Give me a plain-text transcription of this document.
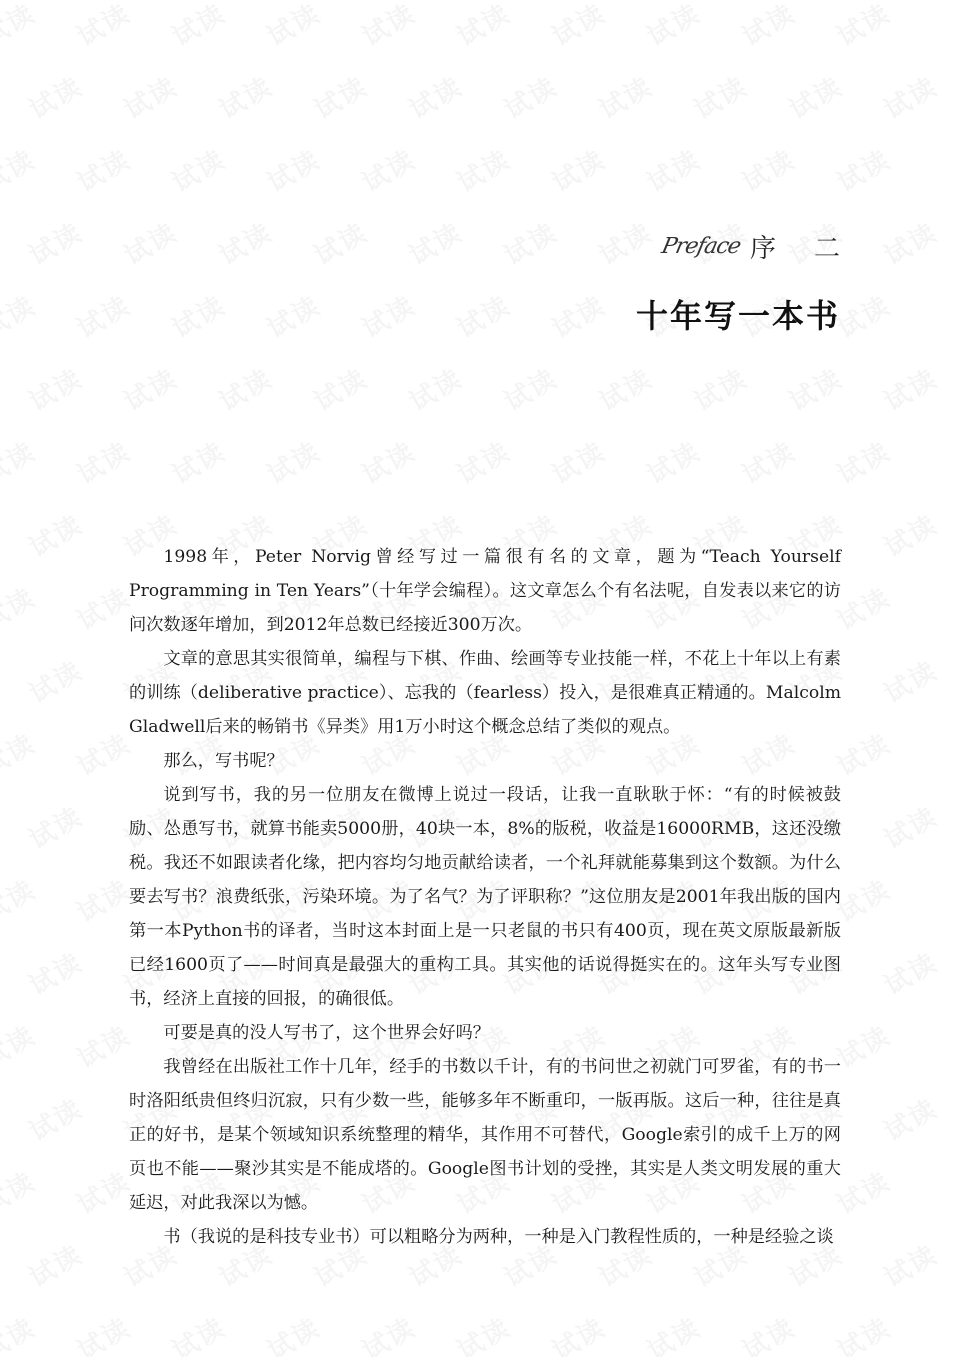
Preface 序二
十年写一本书

1998年，Peter Norvig曾经写过一篇很有名的文章，题为“Teach Yourself Programming in Ten Years”（十年学会编程）。这文章怎么个有名法呢，自发表以来它的访问次数逐年增加，到2012年总数已经接近300万次。

文章的意思其实很简单，编程与下棋、作曲、绘画等专业技能一样，不花上十年以上有素的训练（deliberative practice）、忘我的（fearless）投入，是很难真正精通的。Malcolm Gladwell后来的畅销书《异类》用1万小时这个概念总结了类似的观点。

那么，写书呢？

说到写书，我的另一位朋友在微博上说过一段话，让我一直耿耿于怀：“有的时候被鼓励、怂恿写书，就算书能卖5000册，40块一本，8%的版税，收益是16000RMB，这还没缴税。我还不如跟读者化缘，把内容均匀地贡献给读者，一个礼拜就能募集到这个数额。为什么要去写书？浪费纸张，污染环境。为了名气？为了评职称？”这位朋友是2001年我出版的国内第一本Python书的译者，当时这本封面上是一只老鼠的书只有400页，现在英文原版最新版已经1600页了——时间真是最强大的重构工具。其实他的话说得挺实在的。这年头写专业图书，经济上直接的回报，的确很低。

可要是真的没人写书了，这个世界会好吗？

我曾经在出版社工作十几年，经手的书数以千计，有的书问世之初就门可罗雀，有的书一时洛阳纸贵但终归沉寂，只有少数一些，能够多年不断重印，一版再版。这后一种，往往是真正的好书，是某个领域知识系统整理的精华，其作用不可替代，Google索引的成千上万的网页也不能——聚沙其实是不能成塔的。Google图书计划的受挫，其实是人类文明发展的重大延迟，对此我深以为憾。

书（我说的是科技专业书）可以粗略分为两种，一种是入门教程性质的，一种是经验之谈
